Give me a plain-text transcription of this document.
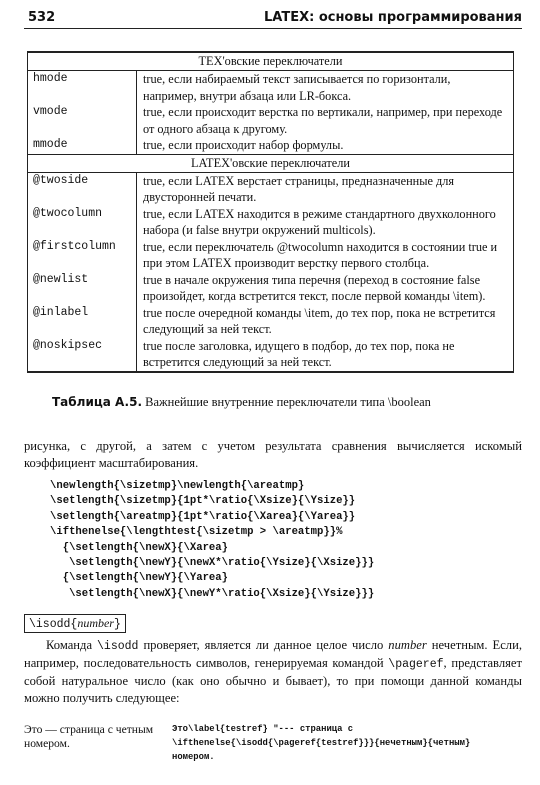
532	LATEX: основы программирования
TEX'овские переключатели	
hmode	true, если набираемый текст записывается по горизонтали, например, внутри абзаца или LR-бокса.
vmode	true, если происходит верстка по вертикали, например, при переходе от одного абзаца к другому.
mmode	true, если происходит набор формулы.
LATEX'овские переключатели	
@twoside	true, если LATEX верстает страницы, предназначенные для двусторонней печати.
@twocolumn	true, если LATEX находится в режиме стандартного двухколонного набора (и false внутри окружений multicols).
@firstcolumn	true, если переключатель @twocolumn находится в состоянии true и при этом LATEX производит верстку первого столбца.
@newlist	true в начале окружения типа перечня (переход в состояние false произойдет, когда встретится текст, после первой команды \item).
@inlabel	true после очередной команды \item, до тех пор, пока не встретится следующий за ней текст.
@noskipsec	true после заголовка, идущего в подбор, до тех пор, пока не встретится следующий за ней текст.
Таблица A.5. Важнейшие внутренние переключатели типа \boolean
рисунка, с другой, а затем с учетом результата сравнения вычисляется искомый коэффициент масштабирования.
\newlength{\sizetmp}\newlength{\areatmp}
\setlength{\sizetmp}{1pt*\ratio{\Xsize}{\Ysize}}
\setlength{\areatmp}{1pt*\ratio{\Xarea}{\Yarea}}
\ifthenelse{\lengthtest{\sizetmp > \areatmp}}%
{\setlength{\newX}{\Xarea}
\setlength{\newY}{\newX*\ratio{\Ysize}{\Xsize}}}
{\setlength{\newY}{\Yarea}
\setlength{\newX}{\newY*\ratio{\Xsize}{\Ysize}}}
\isodd{number}
Команда \isodd проверяет, является ли данное целое число number нечетным. Если, например, последовательность символов, генерируемая командой \pageref, представляет собой натуральное число (как оно обычно и бывает), то при помощи данной команды можно получить следующее:
Это — страница с четным номером.
Это\label{testref} "--- страница с
\ifthenelse{\isodd{\pageref{testref}}}{нечетным}{четным}
номером.
